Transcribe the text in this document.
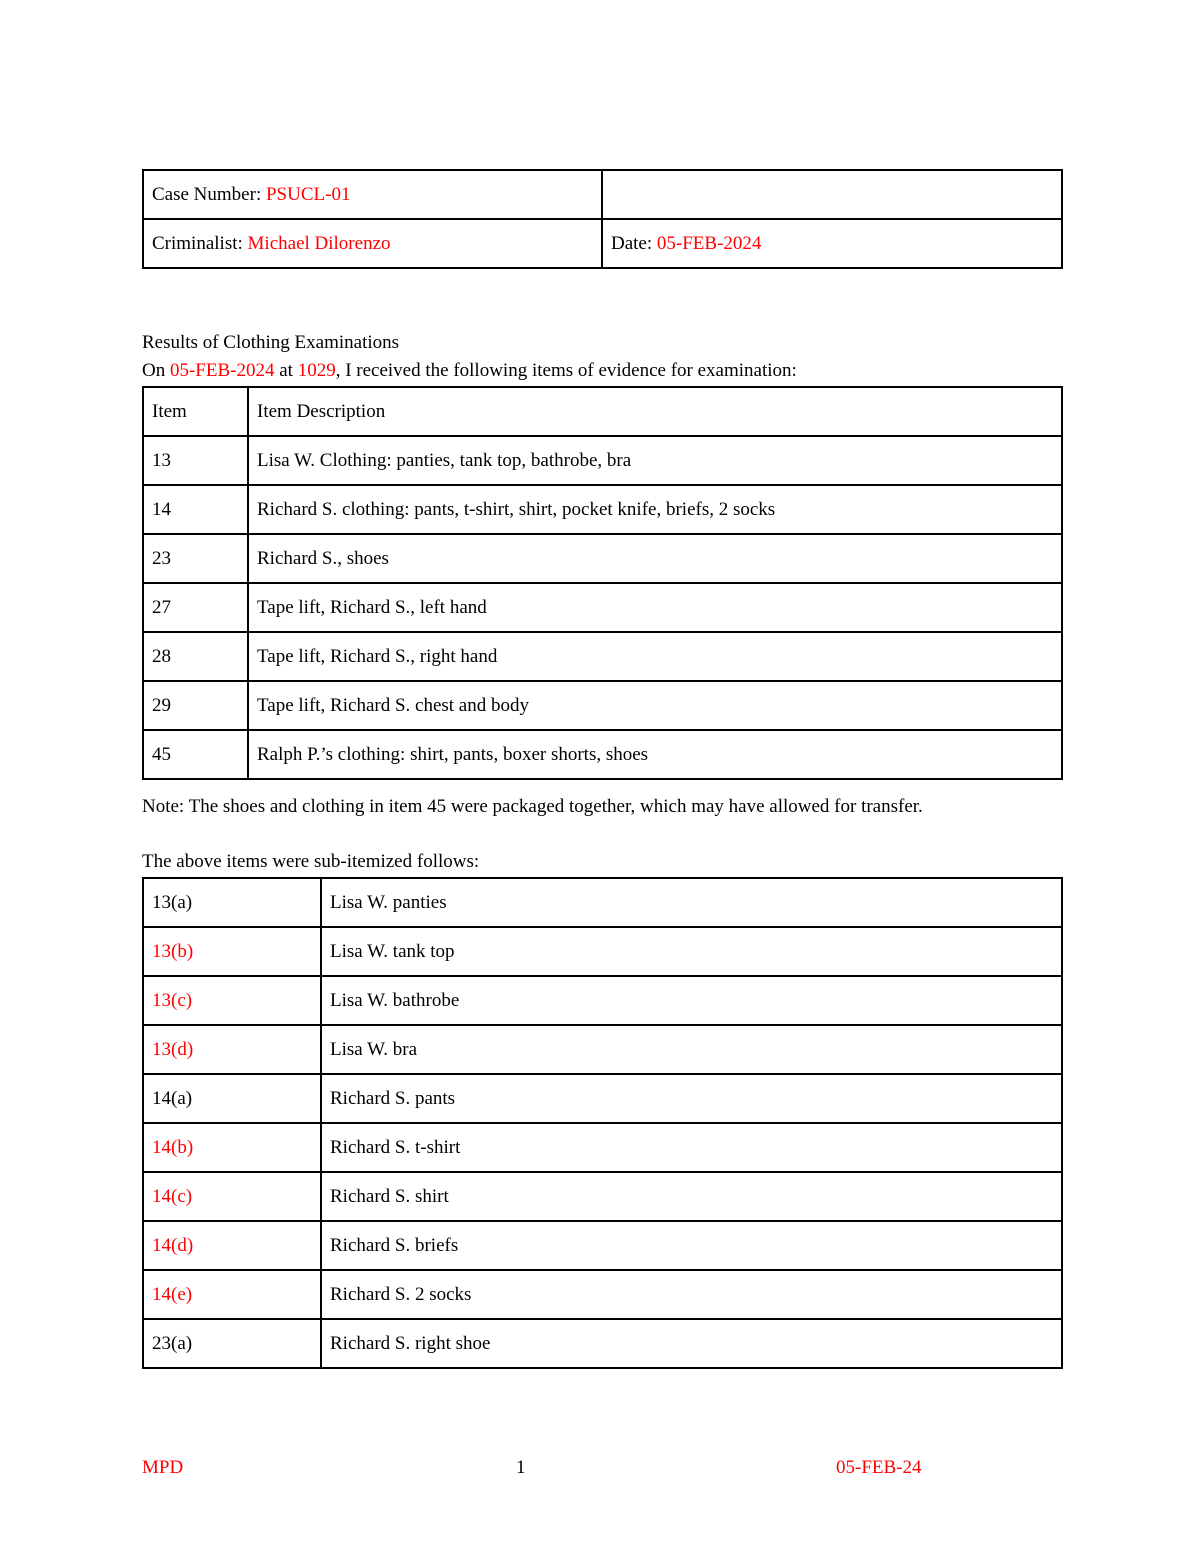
Case Number: PSUCL-01	
Criminalist: Michael Dilorenzo	Date: 05-FEB-2024

Results of Clothing Examinations

On 05-FEB-2024 at 1029, I received the following items of evidence for examination:

Item	Item Description
13	Lisa W. Clothing: panties, tank top, bathrobe, bra
14	Richard S. clothing: pants, t-shirt, shirt, pocket knife, briefs, 2 socks
23	Richard S., shoes
27	Tape lift, Richard S., left hand
28	Tape lift, Richard S., right hand
29	Tape lift, Richard S. chest and body
45	Ralph P.’s clothing: shirt, pants, boxer shorts, shoes

Note: The shoes and clothing in item 45 were packaged together, which may have allowed for transfer.

The above items were sub-itemized follows:

13(a)	Lisa W. panties
13(b)	Lisa W. tank top
13(c)	Lisa W. bathrobe
13(d)	Lisa W. bra
14(a)	Richard S. pants
14(b)	Richard S. t-shirt
14(c)	Richard S. shirt
14(d)	Richard S. briefs
14(e)	Richard S. 2 socks
23(a)	Richard S. right shoe

MPD	1	05-FEB-24
